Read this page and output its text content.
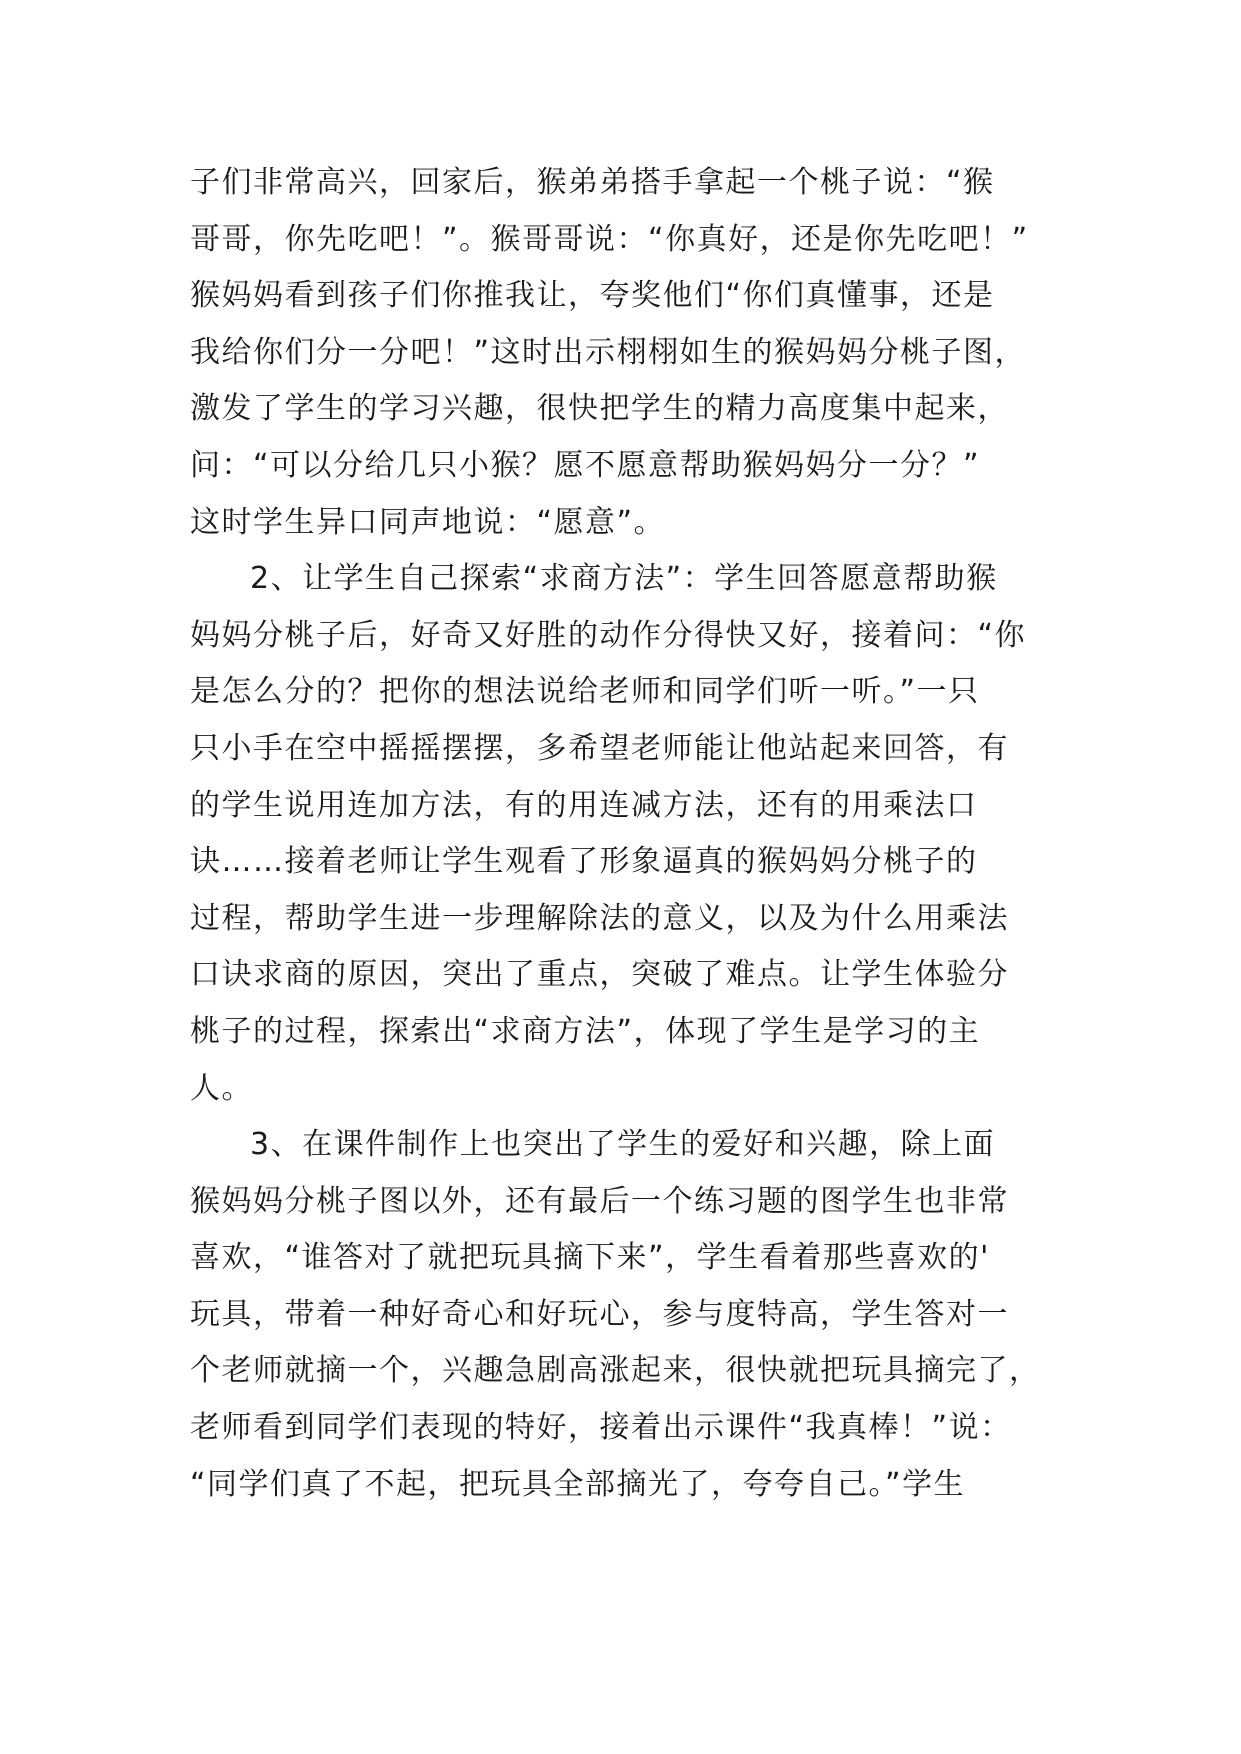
子们非常高兴，回家后，猴弟弟搭手拿起一个桃子说：“猴
哥哥，你先吃吧！”。猴哥哥说：“你真好，还是你先吃吧！”
猴妈妈看到孩子们你推我让，夸奖他们“你们真懂事，还是
我给你们分一分吧！”这时出示栩栩如生的猴妈妈分桃子图，
激发了学生的学习兴趣，很快把学生的精力高度集中起来，
问：“可以分给几只小猴？愿不愿意帮助猴妈妈分一分？”
这时学生异口同声地说：“愿意”。
2、让学生自己探索“求商方法”：学生回答愿意帮助猴
妈妈分桃子后，好奇又好胜的动作分得快又好，接着问：“你
是怎么分的？把你的想法说给老师和同学们听一听。”一只
只小手在空中摇摇摆摆，多希望老师能让他站起来回答，有
的学生说用连加方法，有的用连减方法，还有的用乘法口
诀……接着老师让学生观看了形象逼真的猴妈妈分桃子的
过程，帮助学生进一步理解除法的意义，以及为什么用乘法
口诀求商的原因，突出了重点，突破了难点。让学生体验分
桃子的过程，探索出“求商方法”，体现了学生是学习的主
人。
3、在课件制作上也突出了学生的爱好和兴趣，除上面
猴妈妈分桃子图以外，还有最后一个练习题的图学生也非常
喜欢，“谁答对了就把玩具摘下来”，学生看着那些喜欢的'
玩具，带着一种好奇心和好玩心，参与度特高，学生答对一
个老师就摘一个，兴趣急剧高涨起来，很快就把玩具摘完了，
老师看到同学们表现的特好，接着出示课件“我真棒！”说：
“同学们真了不起，把玩具全部摘光了，夸夸自己。”学生
